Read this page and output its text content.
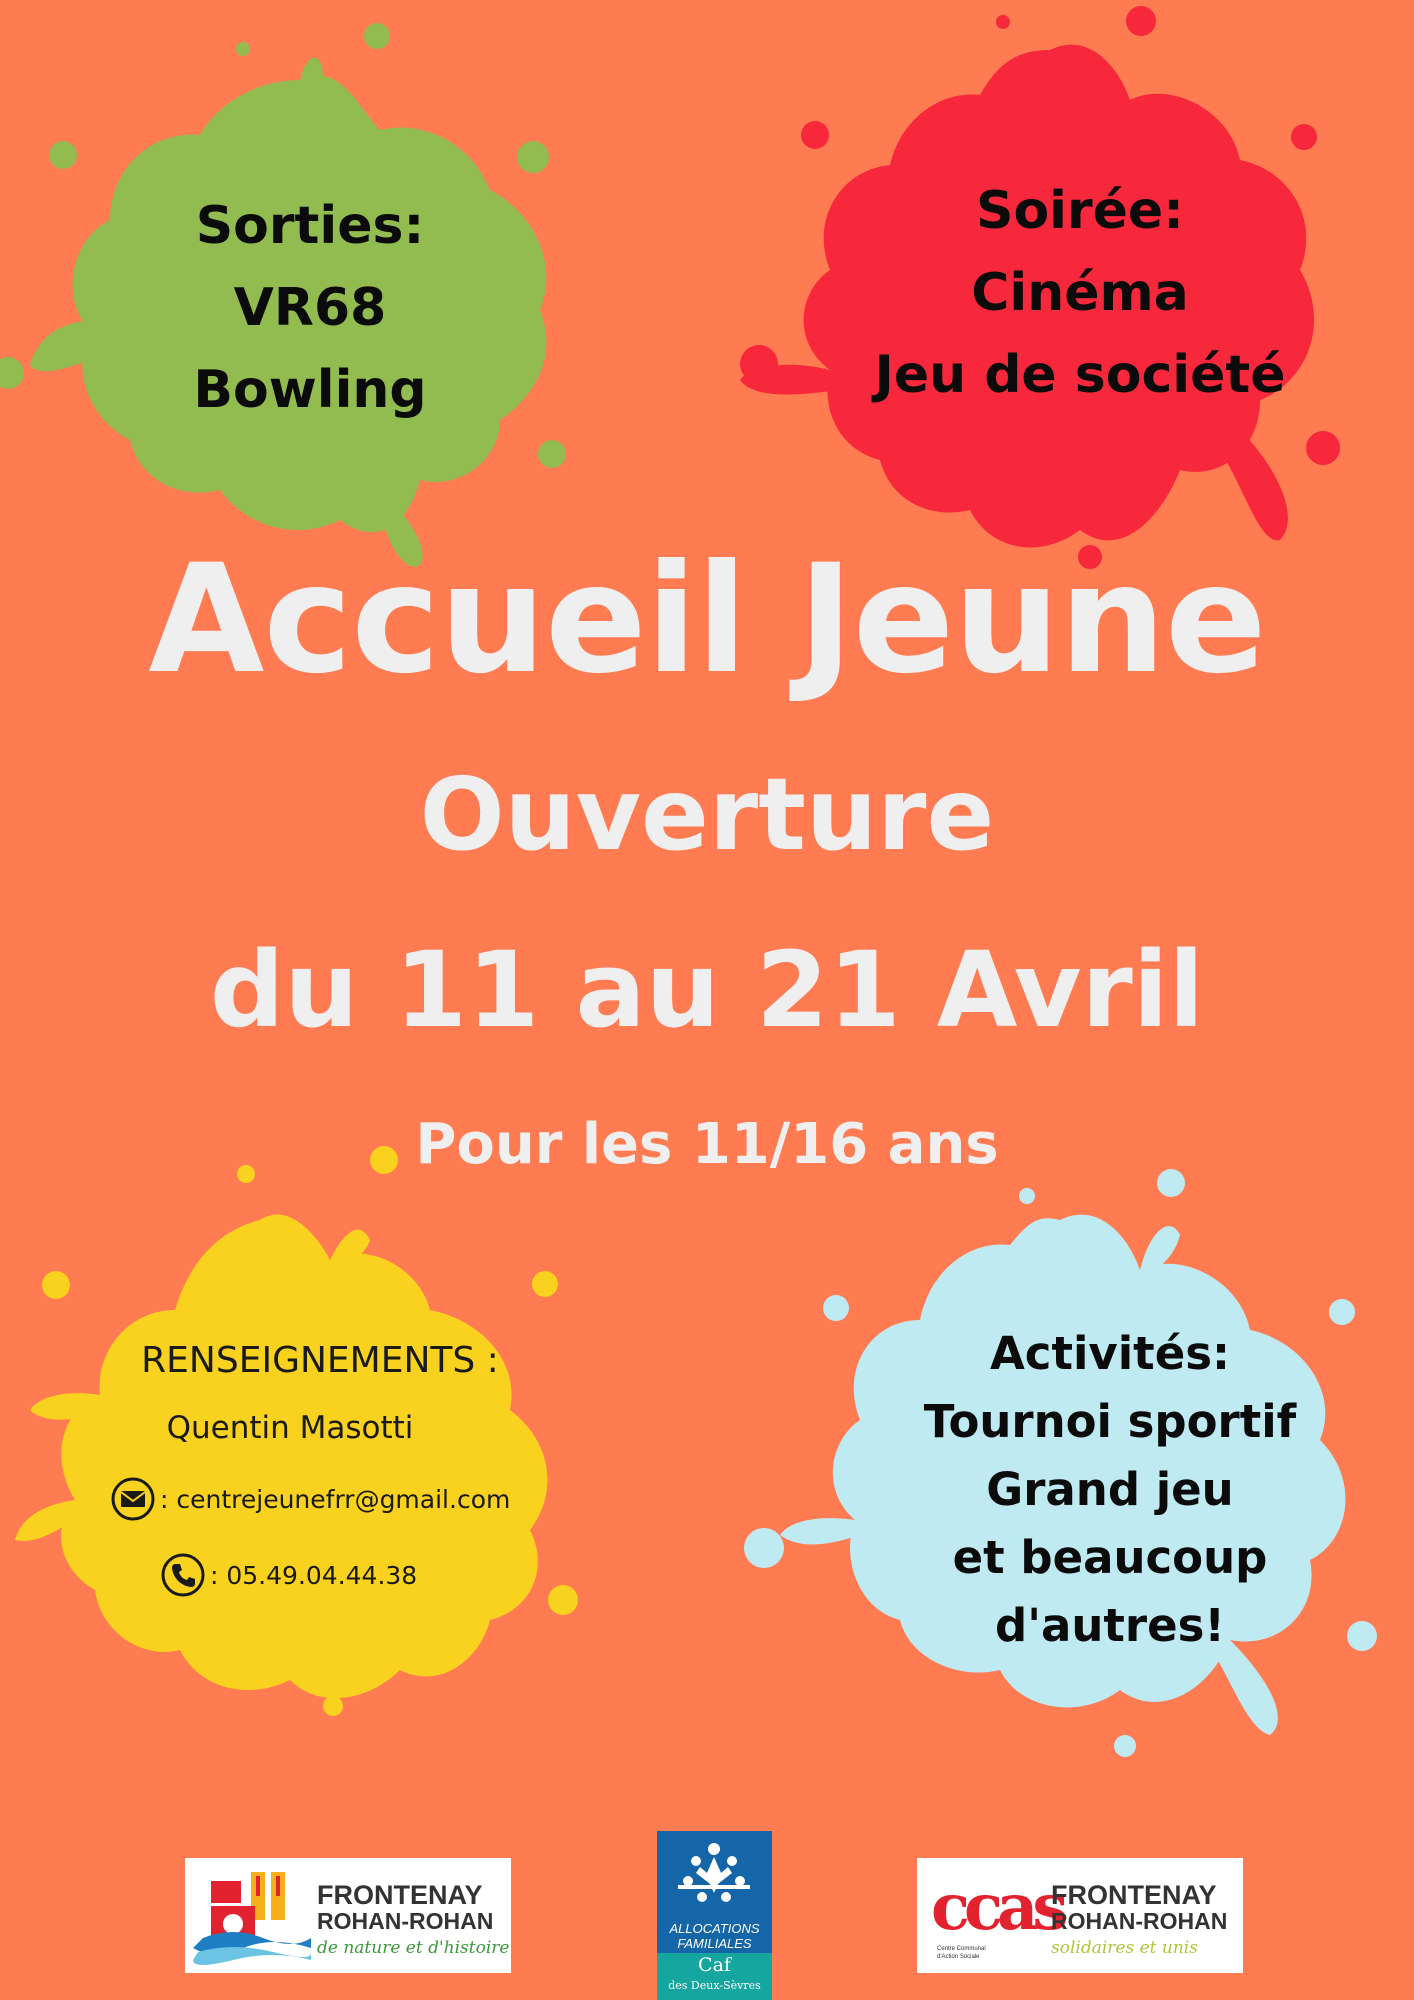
Sorties:
VR68
Bowling
Soirée:
Cinéma
Jeu de société
Accueil Jeune
Ouverture
du 11 au 21 Avril
Pour les 11/16 ans
RENSEIGNEMENTS :
Quentin Masotti
: centrejeunefrr@gmail.com
: 05.49.04.44.38
Activités:
Tournoi sportif
Grand jeu
et beaucoup
d'autres!
FRONTENAY
ROHAN-ROHAN
de nature et d'histoire
ALLOCATIONS
FAMILIALES
Caf
des Deux-Sèvres
ccas
Centre Communal
d'Action Sociale
FRONTENAY
ROHAN-ROHAN
solidaires et unis
